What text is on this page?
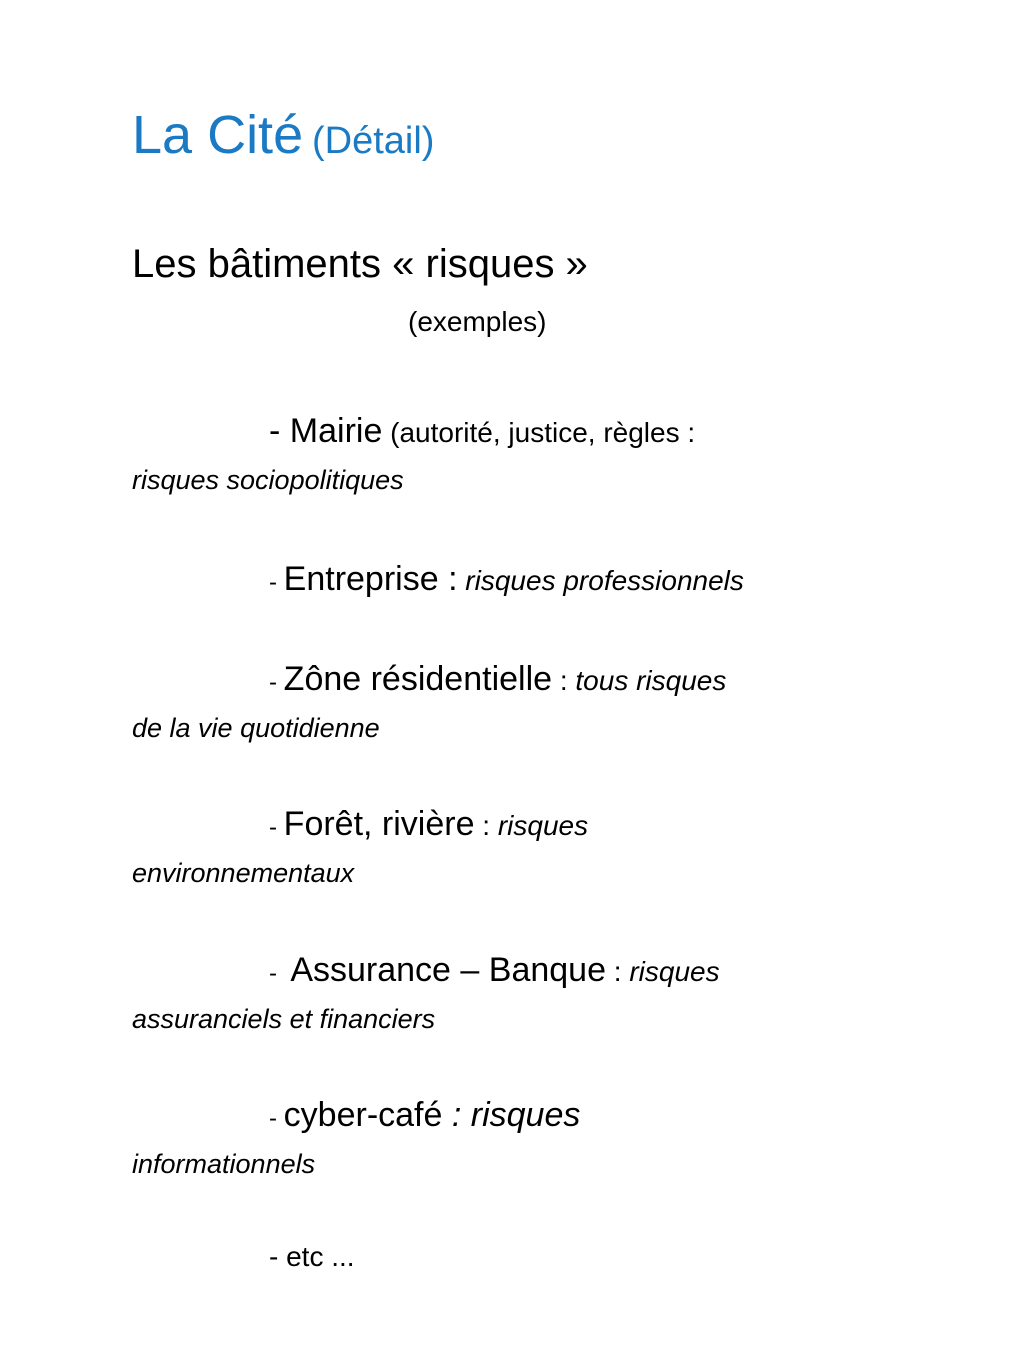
La Cité (Détail)
Les bâtiments « risques »
(exemples)
- Mairie (autorité, justice, règles :
risques sociopolitiques
- Entreprise : risques professionnels
- Zône résidentielle : tous risques
de la vie quotidienne
- Forêt, rivière : risques
environnementaux
-  Assurance – Banque : risques
assuranciels et financiers
- cyber-café : risques
informationnels
- etc ...
